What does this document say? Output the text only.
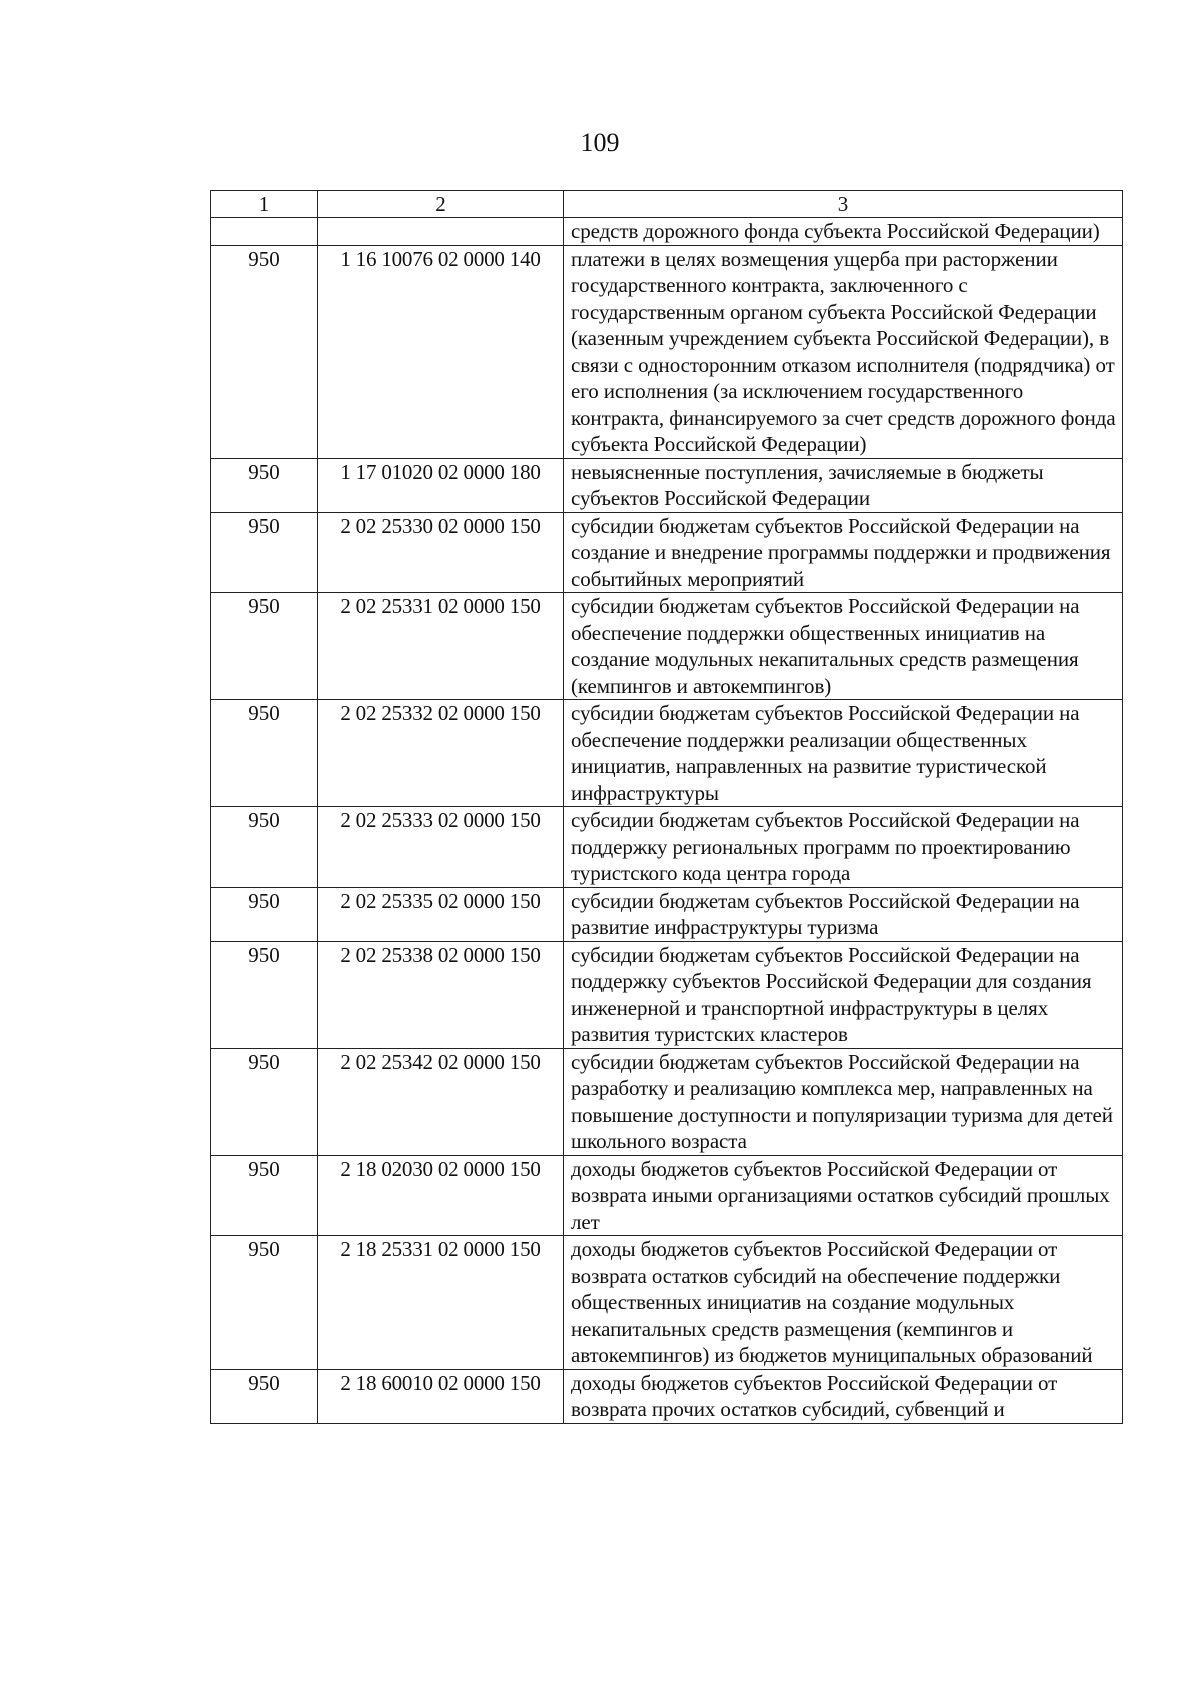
109
1	2	3
		средств дорожного фонда субъекта Российской Федерации)
950	1 16 10076 02 0000 140	платежи в целях возмещения ущерба при расторжении государственного контракта, заключенного с государственным органом субъекта Российской Федерации (казенным учреждением субъекта Российской Федерации), в связи с односторонним отказом исполнителя (подрядчика) от его исполнения (за исключением государственного контракта, финансируемого за счет средств дорожного фонда субъекта Российской Федерации)
950	1 17 01020 02 0000 180	невыясненные поступления, зачисляемые в бюджеты субъектов Российской Федерации
950	2 02 25330 02 0000 150	субсидии бюджетам субъектов Российской Федерации на создание и внедрение программы поддержки и продвижения событийных мероприятий
950	2 02 25331 02 0000 150	субсидии бюджетам субъектов Российской Федерации на обеспечение поддержки общественных инициатив на создание модульных некапитальных средств размещения (кемпингов и автокемпингов)
950	2 02 25332 02 0000 150	субсидии бюджетам субъектов Российской Федерации на обеспечение поддержки реализации общественных инициатив, направленных на развитие туристической инфраструктуры
950	2 02 25333 02 0000 150	субсидии бюджетам субъектов Российской Федерации на поддержку региональных программ по проектированию туристского кода центра города
950	2 02 25335 02 0000 150	субсидии бюджетам субъектов Российской Федерации на развитие инфраструктуры туризма
950	2 02 25338 02 0000 150	субсидии бюджетам субъектов Российской Федерации на поддержку субъектов Российской Федерации для создания инженерной и транспортной инфраструктуры в целях развития туристских кластеров
950	2 02 25342 02 0000 150	субсидии бюджетам субъектов Российской Федерации на разработку и реализацию комплекса мер, направленных на повышение доступности и популяризации туризма для детей школьного возраста
950	2 18 02030 02 0000 150	доходы бюджетов субъектов Российской Федерации от возврата иными организациями остатков субсидий прошлых лет
950	2 18 25331 02 0000 150	доходы бюджетов субъектов Российской Федерации от возврата остатков субсидий на обеспечение поддержки общественных инициатив на создание модульных некапитальных средств размещения (кемпингов и автокемпингов) из бюджетов муниципальных образований
950	2 18 60010 02 0000 150	доходы бюджетов субъектов Российской Федерации от возврата прочих остатков субсидий, субвенций и
